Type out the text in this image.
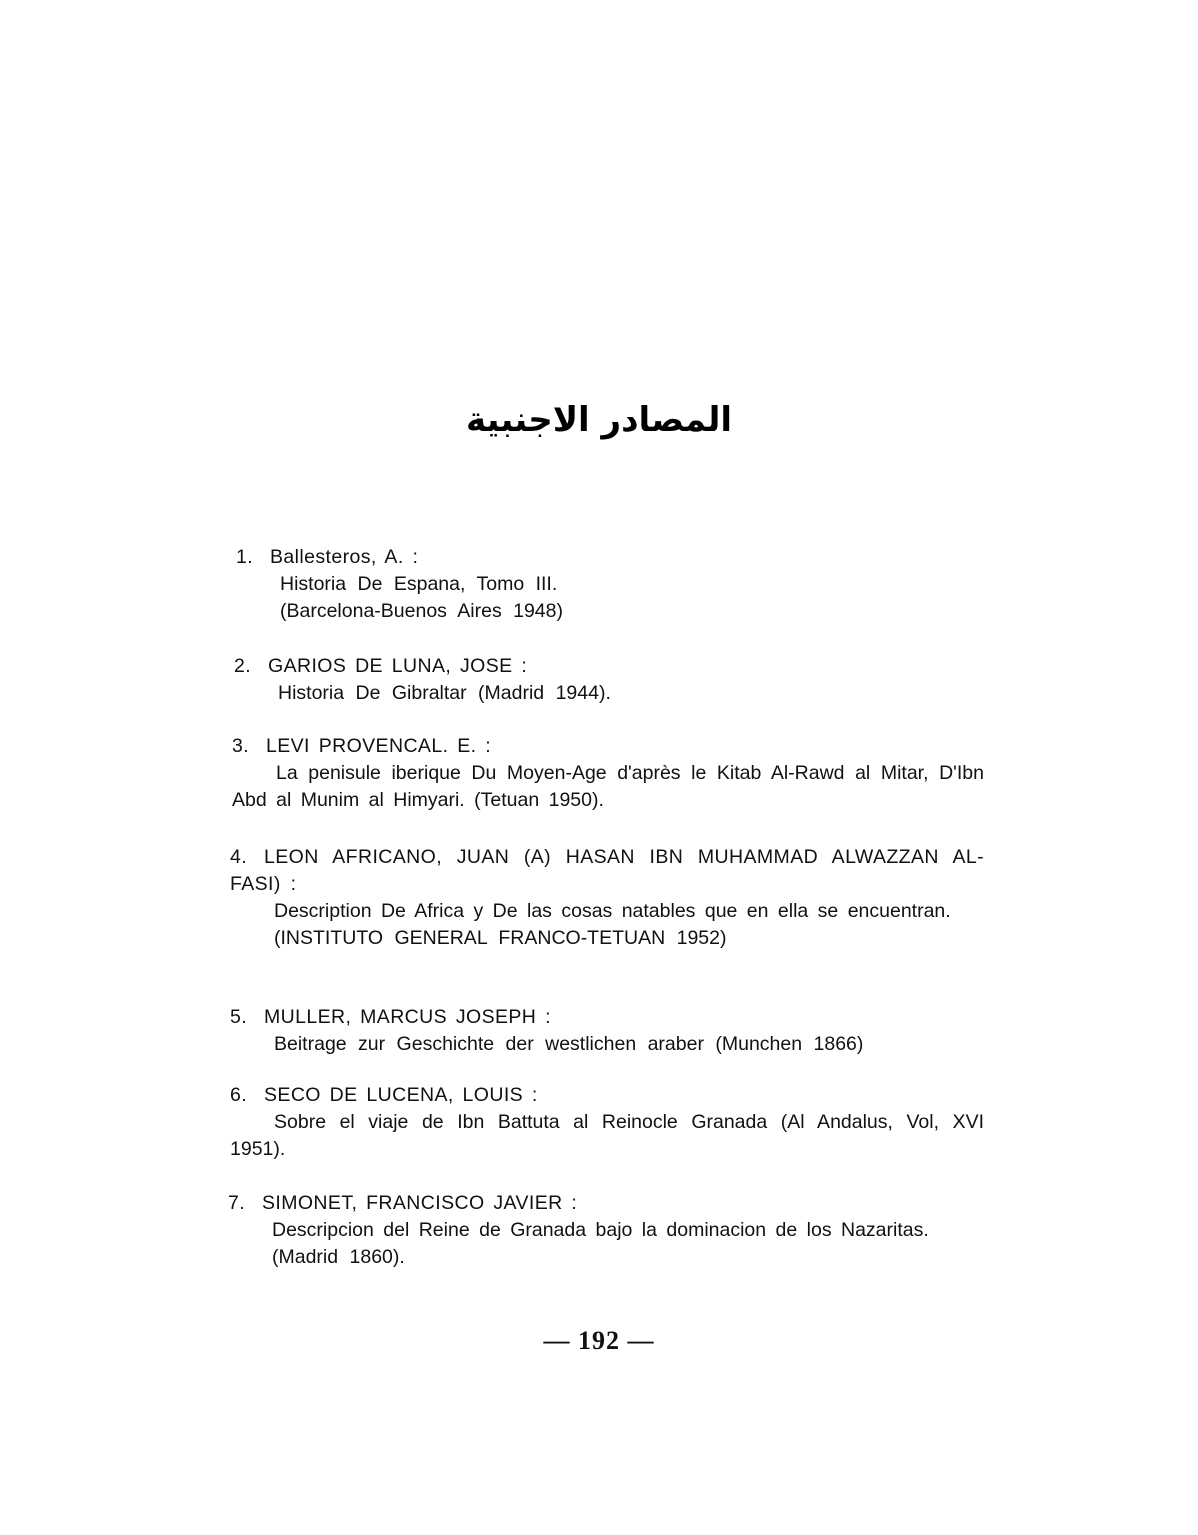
المصادر الاجنبية
1. Ballesteros, A. :
Historia De Espana, Tomo III.
(Barcelona-Buenos Aires 1948)
2. GARIOS DE LUNA, JOSE :
Historia De Gibraltar (Madrid 1944).
3. LEVI PROVENCAL. E. :
La penisule iberique Du Moyen-Age d'après le Kitab Al-Rawd al Mitar, D'Ibn Abd al Munim al Himyari. (Tetuan 1950).
4. LEON AFRICANO, JUAN (A) HASAN IBN MUHAMMAD ALWAZZAN AL-FASI) :
Description De Africa y De las cosas natables que en ella se encuentran.
(INSTITUTO GENERAL FRANCO-TETUAN 1952)
5. MULLER, MARCUS JOSEPH :
Beitrage zur Geschichte der westlichen araber (Munchen 1866)
6. SECO DE LUCENA, LOUIS :
Sobre el viaje de Ibn Battuta al Reinocle Granada (Al Andalus, Vol, XVI 1951).
7. SIMONET, FRANCISCO JAVIER :
Descripcion del Reine de Granada bajo la dominacion de los Nazaritas.
(Madrid 1860).
— 192 —
